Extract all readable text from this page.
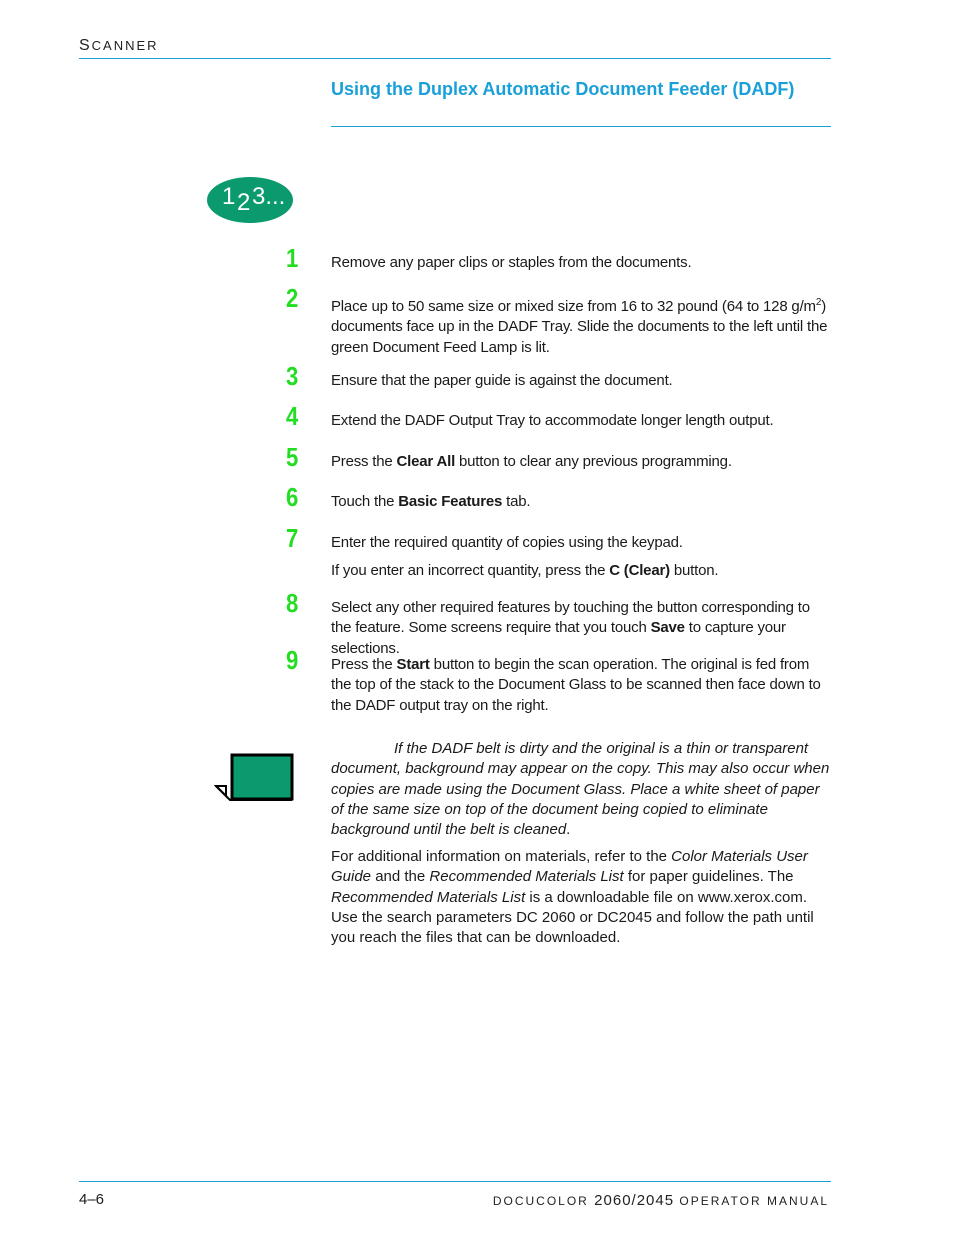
SCANNER
Using the Duplex Automatic Document Feeder (DADF)
1 2 3...
1 Remove any paper clips or staples from the documents.
2 Place up to 50 same size or mixed size from 16 to 32 pound (64 to 128 $g/m^2$) documents face up in the DADF Tray. Slide the documents to the left until the green Document Feed Lamp is lit.
3 Ensure that the paper guide is against the document.
4 Extend the DADF Output Tray to accommodate longer length output.
5 Press the Clear All button to clear any previous programming.
6 Touch the Basic Features tab.
7 Enter the required quantity of copies using the keypad.
If you enter an incorrect quantity, press the C (Clear) button.
8 Select any other required features by touching the button corresponding to the feature. Some screens require that you touch Save to capture your selections.
9 Press the Start button to begin the scan operation. The original is fed from the top of the stack to the Document Glass to be scanned then face down to the DADF output tray on the right.
If the DADF belt is dirty and the original is a thin or transparent document, background may appear on the copy. This may also occur when copies are made using the Document Glass. Place a white sheet of paper of the same size on top of the document being copied to eliminate background until the belt is cleaned.
For additional information on materials, refer to the Color Materials User Guide and the Recommended Materials List for paper guidelines. The Recommended Materials List is a downloadable file on www.xerox.com. Use the search parameters DC 2060 or DC2045 and follow the path until you reach the files that can be downloaded.
4–6	DOCUCOLOR 2060/2045 OPERATOR MANUAL
